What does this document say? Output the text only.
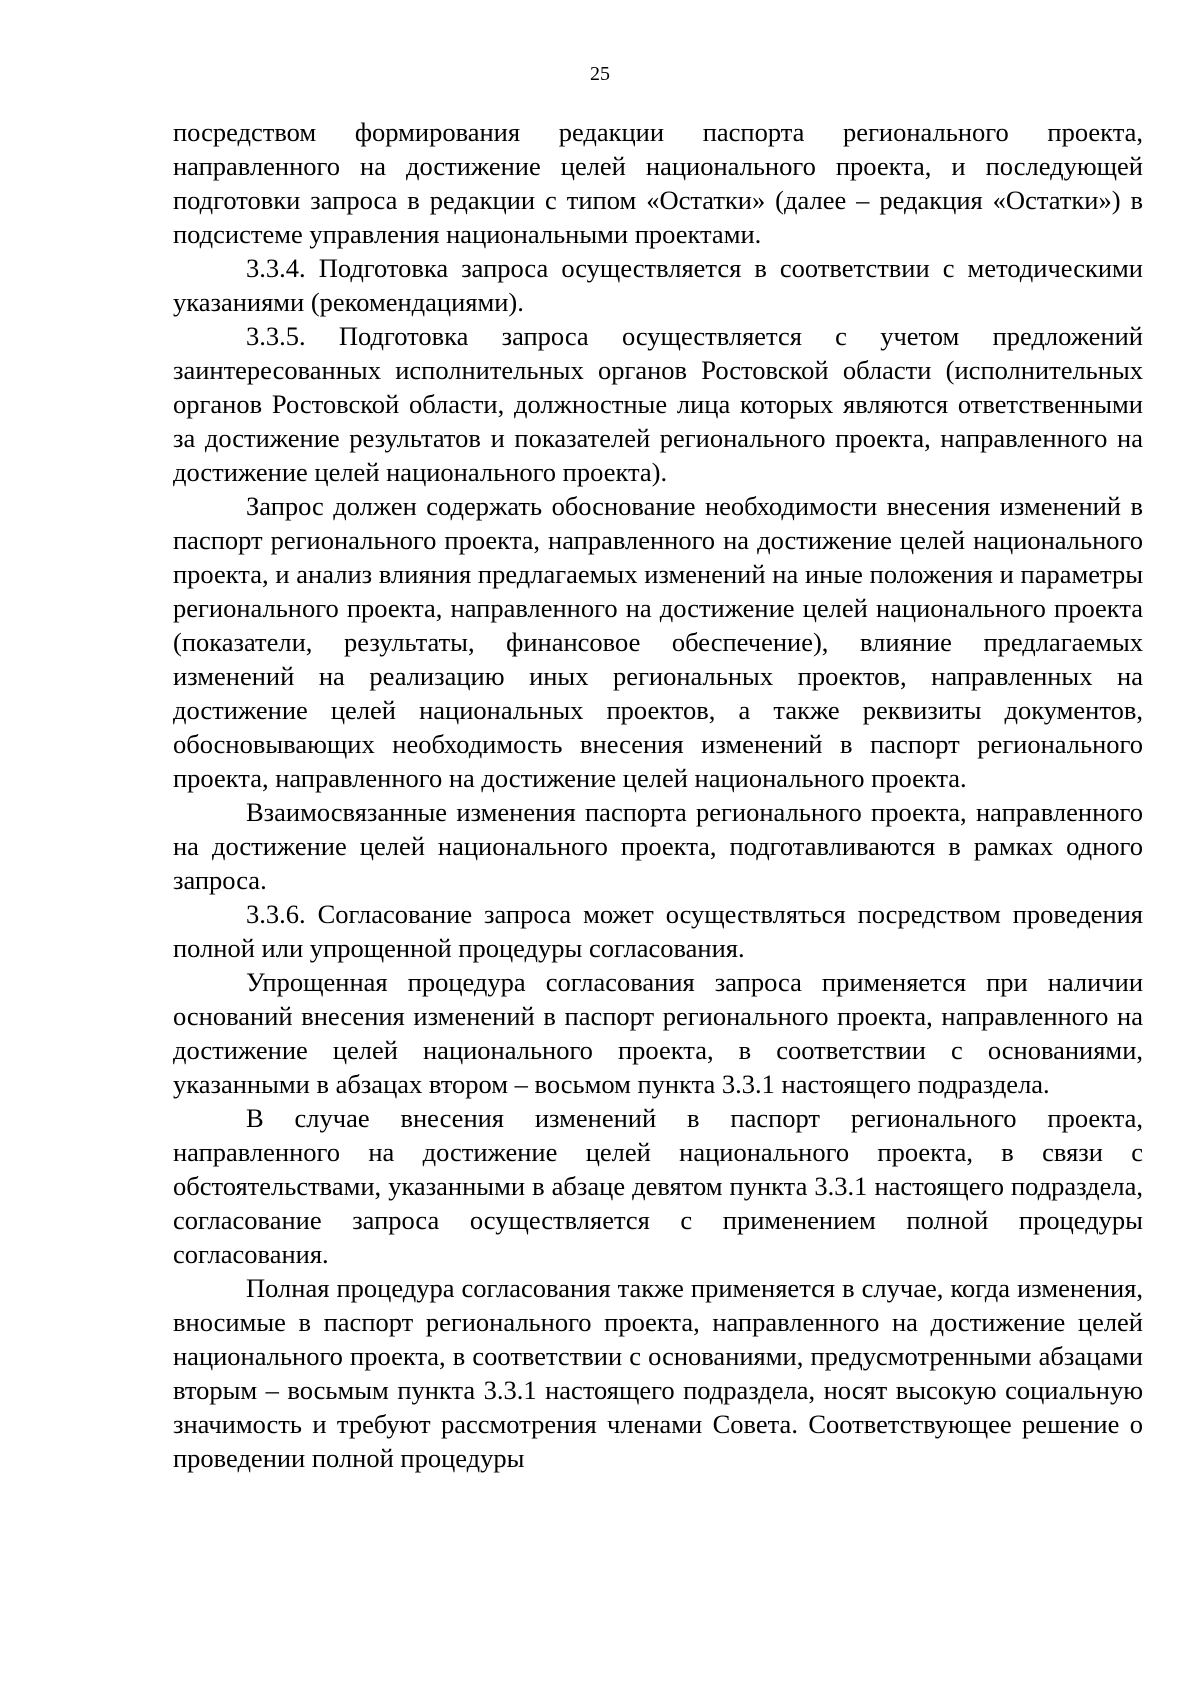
25

посредством формирования редакции паспорта регионального проекта, направленного на достижение целей национального проекта, и последующей подготовки запроса в редакции с типом «Остатки» (далее – редакция «Остатки») в подсистеме управления национальными проектами.

3.3.4. Подготовка запроса осуществляется в соответствии с методическими указаниями (рекомендациями).

3.3.5. Подготовка запроса осуществляется с учетом предложений заинтересованных исполнительных органов Ростовской области (исполнительных органов Ростовской области, должностные лица которых являются ответственными за достижение результатов и показателей регионального проекта, направленного на достижение целей национального проекта).

Запрос должен содержать обоснование необходимости внесения изменений в паспорт регионального проекта, направленного на достижение целей национального проекта, и анализ влияния предлагаемых изменений на иные положения и параметры регионального проекта, направленного на достижение целей национального проекта (показатели, результаты, финансовое обеспечение), влияние предлагаемых изменений на реализацию иных региональных проектов, направленных на достижение целей национальных проектов, а также реквизиты документов, обосновывающих необходимость внесения изменений в паспорт регионального проекта, направленного на достижение целей национального проекта.

Взаимосвязанные изменения паспорта регионального проекта, направленного на достижение целей национального проекта, подготавливаются в рамках одного запроса.

3.3.6. Согласование запроса может осуществляться посредством проведения полной или упрощенной процедуры согласования.

Упрощенная процедура согласования запроса применяется при наличии оснований внесения изменений в паспорт регионального проекта, направленного на достижение целей национального проекта, в соответствии с основаниями, указанными в абзацах втором – восьмом пункта 3.3.1 настоящего подраздела.

В случае внесения изменений в паспорт регионального проекта, направленного на достижение целей национального проекта, в связи с обстоятельствами, указанными в абзаце девятом пункта 3.3.1 настоящего подраздела, согласование запроса осуществляется с применением полной процедуры согласования.

Полная процедура согласования также применяется в случае, когда изменения, вносимые в паспорт регионального проекта, направленного на достижение целей национального проекта, в соответствии с основаниями, предусмотренными абзацами вторым – восьмым пункта 3.3.1 настоящего подраздела, носят высокую социальную значимость и требуют рассмотрения членами Совета. Соответствующее решение о проведении полной процедуры
